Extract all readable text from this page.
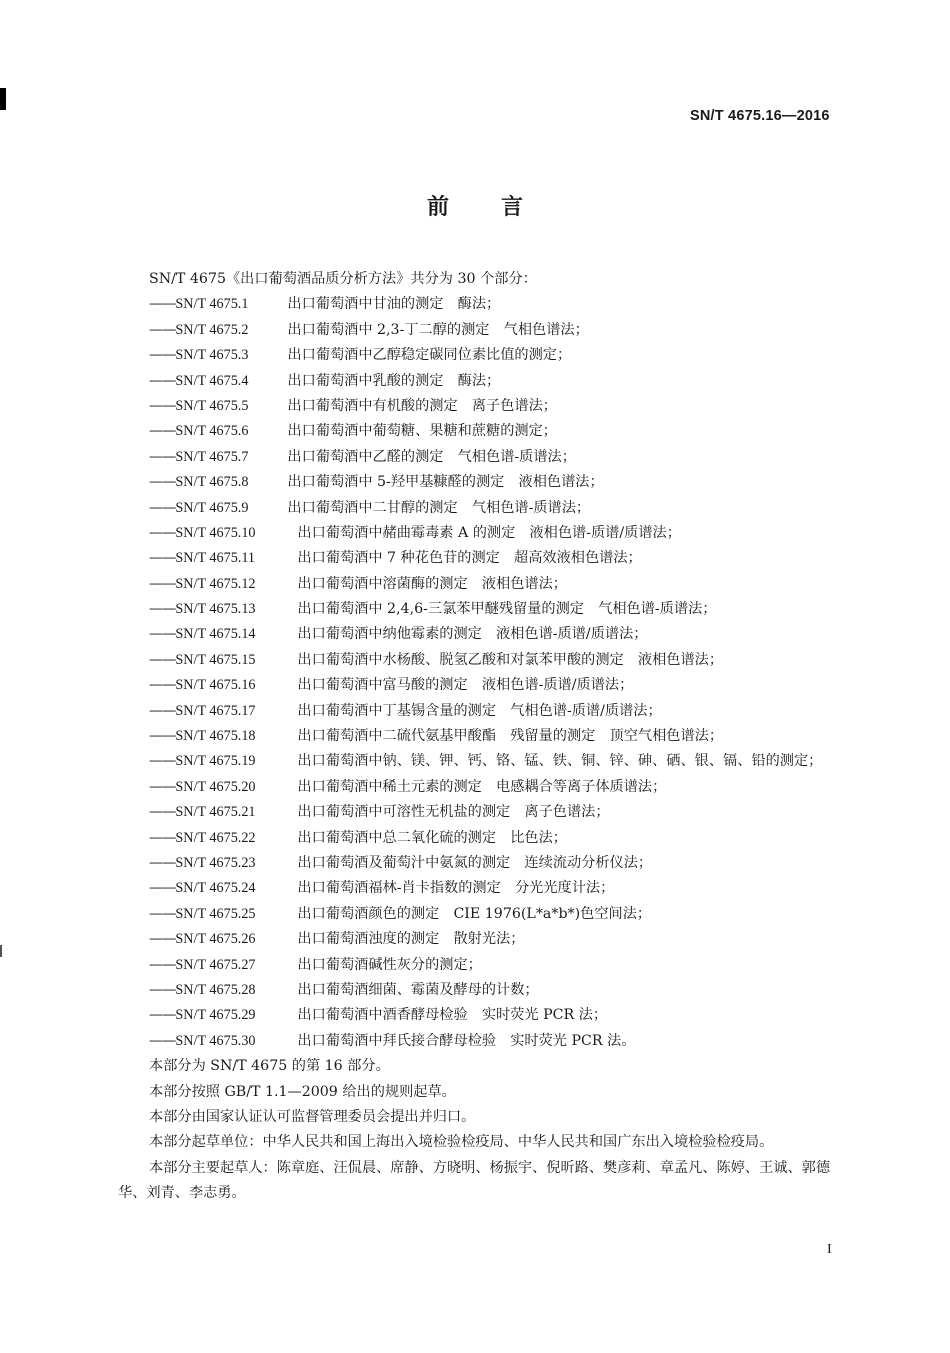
SN/T 4675.16—2016
前言
SN/T 4675《出口葡萄酒品质分析方法》共分为 30 个部分：
—— SN/T 4675.1	出口葡萄酒中甘油的测定　酶法；
—— SN/T 4675.2	出口葡萄酒中 2,3-丁二醇的测定　气相色谱法；
—— SN/T 4675.3	出口葡萄酒中乙醇稳定碳同位素比值的测定；
—— SN/T 4675.4	出口葡萄酒中乳酸的测定　酶法；
—— SN/T 4675.5	出口葡萄酒中有机酸的测定　离子色谱法；
—— SN/T 4675.6	出口葡萄酒中葡萄糖、果糖和蔗糖的测定；
—— SN/T 4675.7	出口葡萄酒中乙醛的测定　气相色谱-质谱法；
—— SN/T 4675.8	出口葡萄酒中 5-羟甲基糠醛的测定　液相色谱法；
—— SN/T 4675.9	出口葡萄酒中二甘醇的测定　气相色谱-质谱法；
—— SN/T 4675.10	出口葡萄酒中赭曲霉毒素 A 的测定　液相色谱-质谱/质谱法；
—— SN/T 4675.11	出口葡萄酒中 7 种花色苷的测定　超高效液相色谱法；
—— SN/T 4675.12	出口葡萄酒中溶菌酶的测定　液相色谱法；
—— SN/T 4675.13	出口葡萄酒中 2,4,6-三氯苯甲醚残留量的测定　气相色谱-质谱法；
—— SN/T 4675.14	出口葡萄酒中纳他霉素的测定　液相色谱-质谱/质谱法；
—— SN/T 4675.15	出口葡萄酒中水杨酸、脱氢乙酸和对氯苯甲酸的测定　液相色谱法；
—— SN/T 4675.16	出口葡萄酒中富马酸的测定　液相色谱-质谱/质谱法；
—— SN/T 4675.17	出口葡萄酒中丁基锡含量的测定　气相色谱-质谱/质谱法；
—— SN/T 4675.18	出口葡萄酒中二硫代氨基甲酸酯　残留量的测定　顶空气相色谱法；
—— SN/T 4675.19	出口葡萄酒中钠、镁、钾、钙、铬、锰、铁、铜、锌、砷、硒、银、镉、铅的测定；
—— SN/T 4675.20	出口葡萄酒中稀土元素的测定　电感耦合等离子体质谱法；
—— SN/T 4675.21	出口葡萄酒中可溶性无机盐的测定　离子色谱法；
—— SN/T 4675.22	出口葡萄酒中总二氧化硫的测定　比色法；
—— SN/T 4675.23	出口葡萄酒及葡萄汁中氨氮的测定　连续流动分析仪法；
—— SN/T 4675.24	出口葡萄酒福林-肖卡指数的测定　分光光度计法；
—— SN/T 4675.25	出口葡萄酒颜色的测定　CIE 1976(L*a*b*)色空间法；
—— SN/T 4675.26	出口葡萄酒浊度的测定　散射光法；
—— SN/T 4675.27	出口葡萄酒碱性灰分的测定；
—— SN/T 4675.28	出口葡萄酒细菌、霉菌及酵母的计数；
—— SN/T 4675.29	出口葡萄酒中酒香酵母检验　实时荧光 PCR 法；
—— SN/T 4675.30	出口葡萄酒中拜氏接合酵母检验　实时荧光 PCR 法。
本部分为 SN/T 4675 的第 16 部分。
本部分按照 GB/T 1.1—2009 给出的规则起草。
本部分由国家认证认可监督管理委员会提出并归口。
本部分起草单位：中华人民共和国上海出入境检验检疫局、中华人民共和国广东出入境检验检疫局。
本部分主要起草人：陈章庭、汪侃晨、席静、方晓明、杨振宇、倪昕路、樊彦莉、章孟凡、陈婷、王诚、郭德华、刘青、李志勇。
I
